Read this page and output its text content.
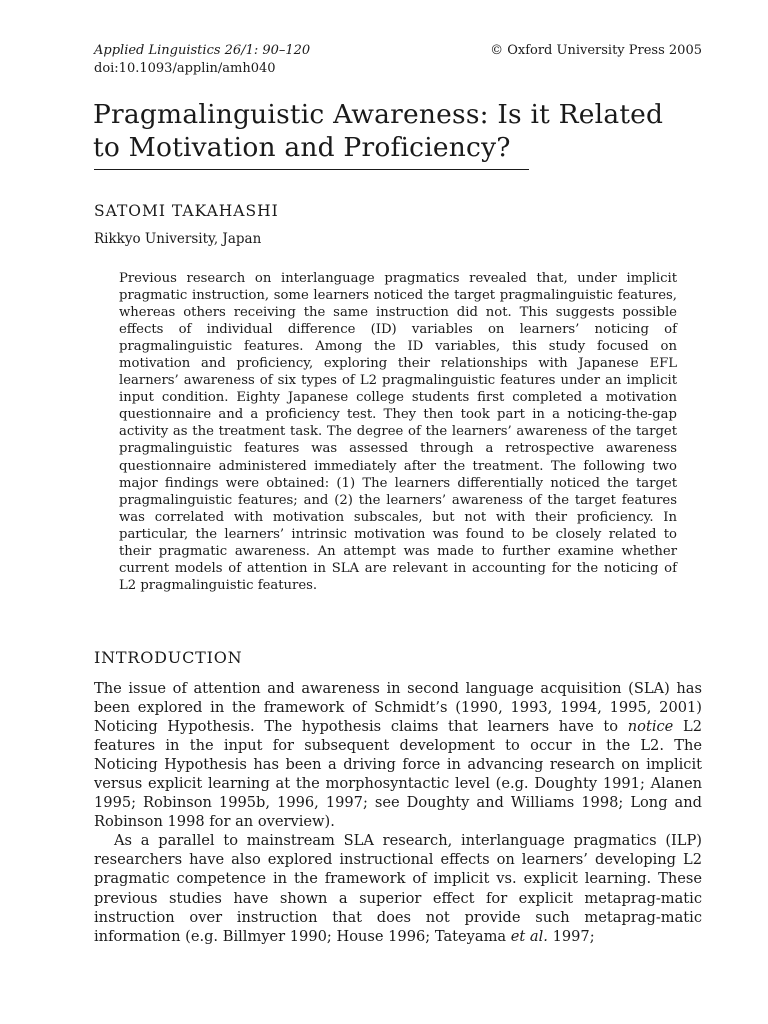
Applied Linguistics 26/1: 90–120	© Oxford University Press 2005
doi:10.1093/applin/amh040
Pragmalinguistic Awareness: Is it Related
to Motivation and Proficiency?
SATOMI TAKAHASHI
Rikkyo University, Japan

Previous research on interlanguage pragmatics revealed that, under implicit pragmatic instruction, some learners noticed the target pragmalinguistic features, whereas others receiving the same instruction did not. This suggests possible effects of individual difference (ID) variables on learners’ noticing of pragmalinguistic features. Among the ID variables, this study focused on motivation and proficiency, exploring their relationships with Japanese EFL learners’ awareness of six types of L2 pragmalinguistic features under an implicit input condition. Eighty Japanese college students first completed a motivation questionnaire and a proficiency test. They then took part in a noticing-the-gap activity as the treatment task. The degree of the learners’ awareness of the target pragmalinguistic features was assessed through a retrospective awareness questionnaire administered immediately after the treatment. The following two major findings were obtained: (1) The learners differentially noticed the target pragmalinguistic features; and (2) the learners’ awareness of the target features was correlated with motivation subscales, but not with their proficiency. In particular, the learners’ intrinsic motivation was found to be closely related to their pragmatic awareness. An attempt was made to further examine whether current models of attention in SLA are relevant in accounting for the noticing of L2 pragmalinguistic features.

INTRODUCTION

The issue of attention and awareness in second language acquisition (SLA) has been explored in the framework of Schmidt’s (1990, 1993, 1994, 1995, 2001) Noticing Hypothesis. The hypothesis claims that learners have to notice L2 features in the input for subsequent development to occur in the L2. The Noticing Hypothesis has been a driving force in advancing research on implicit versus explicit learning at the morphosyntactic level (e.g. Doughty 1991; Alanen 1995; Robinson 1995b, 1996, 1997; see Doughty and Williams 1998; Long and Robinson 1998 for an overview).

As a parallel to mainstream SLA research, interlanguage pragmatics (ILP) researchers have also explored instructional effects on learners’ developing L2 pragmatic competence in the framework of implicit vs. explicit learning. These previous studies have shown a superior effect for explicit metaprag-matic instruction over instruction that does not provide such metaprag-matic information (e.g. Billmyer 1990; House 1996; Tateyama et al. 1997;
